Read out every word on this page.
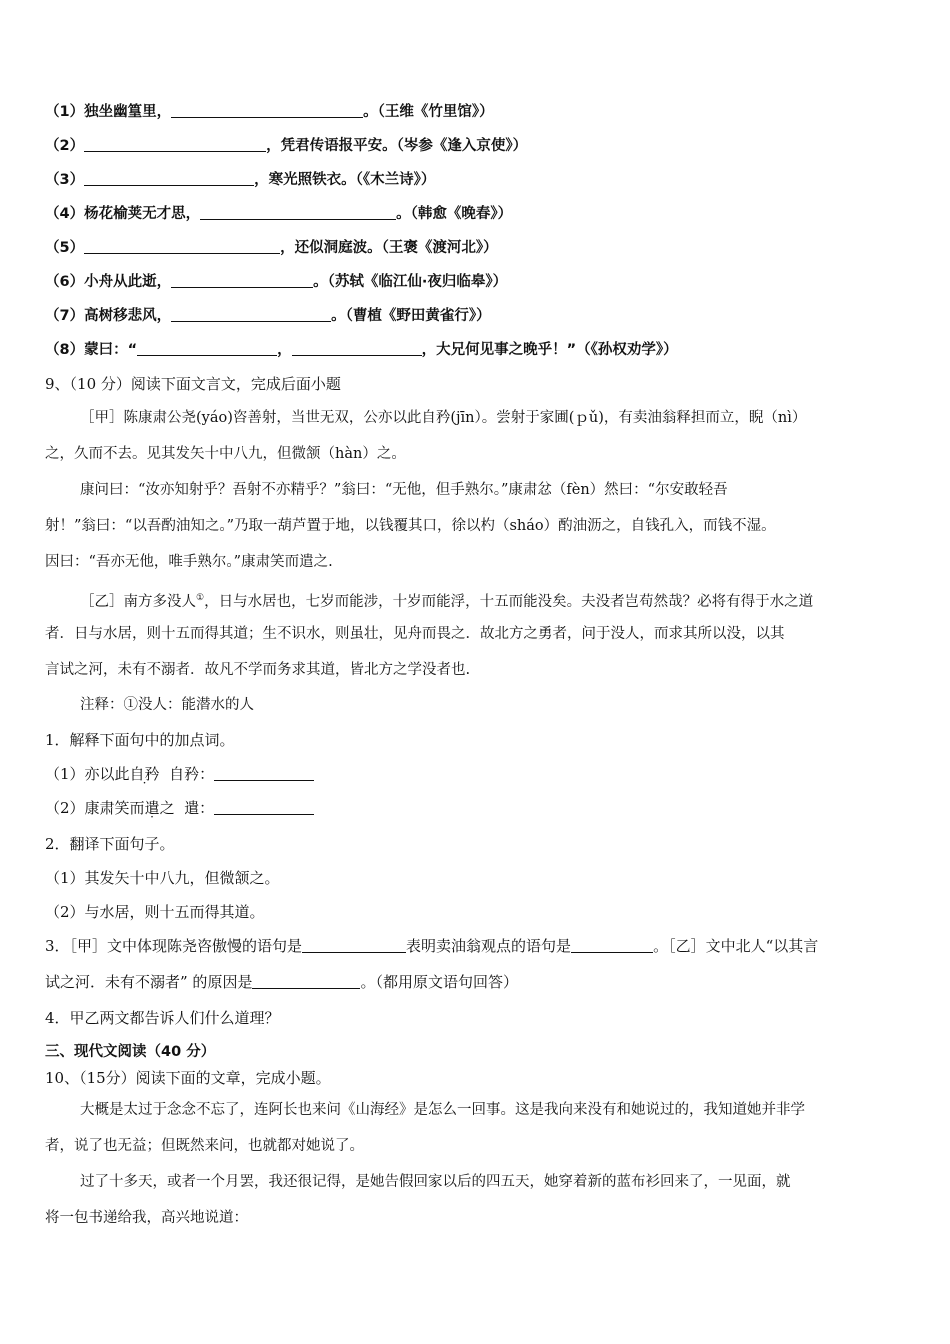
（1）独坐幽篁里，	。（王维《竹里馆》）
（2）	，凭君传语报平安。（岑参《逢入京使》）
（3）	，寒光照铁衣。（《木兰诗》）
（4）杨花榆荚无才思，	。（韩愈《晚春》）
（5）	，还似洞庭波。（王褒《渡河北》）
（6）小舟从此逝，	。（苏轼《临江仙·夜归临皋》）
（7）高树移悲风，	。（曹植《野田黄雀行》）
（8）蒙曰：“	，	，大兄何见事之晚乎！”（《孙权劝学》）
9、（10 分）阅读下面文言文，完成后面小题
［甲］陈康肃公尧(yáo)咨善射，当世无双，公亦以此自矜(jīn）。尝射于家圃(ｐǔ)，有卖油翁释担而立，睨（nì）
之，久而不去。见其发矢十中八九，但微颔（hàn）之。
康问曰：“汝亦知射乎？吾射不亦精乎？”翁曰：“无他，但手熟尔。”康肃忿（fèn）然曰：“尔安敢轻吾
射！”翁曰：“以吾酌油知之。”乃取一葫芦置于地，以钱覆其口，徐以杓（sháo）酌油沥之，自钱孔入，而钱不湿。
因曰：“吾亦无他，唯手熟尔。”康肃笑而遣之.
［乙］南方多没人①，日与水居也，七岁而能涉，十岁而能浮，十五而能没矣。夫没者岂苟然哉？必将有得于水之道
者．日与水居，则十五而得其道；生不识水，则虽壮，见舟而畏之．故北方之勇者，问于没人，而求其所以没，以其
言试之河，未有不溺者．故凡不学而务求其道，皆北方之学没者也.
注释：①没人：能潜水的人
1．解释下面句中的加点词。
（1）亦以此自矜 自矜：
（2）康肃笑而遣之 遣：
2．翻译下面句子。
（1）其发矢十中八九，但微颔之。
（2）与水居，则十五而得其道。
3．［甲］文中体现陈尧咨傲慢的语句是	表明卖油翁观点的语句是	。［乙］文中北人“以其言
试之河．未有不溺者” 的原因是	。（都用原文语句回答）
4．甲乙两文都告诉人们什么道理？
三、现代文阅读（40 分）
10、（15分）阅读下面的文章，完成小题。
大概是太过于念念不忘了，连阿长也来问《山海经》是怎么一回事。这是我向来没有和她说过的，我知道她并非学
者，说了也无益；但既然来问，也就都对她说了。
过了十多天，或者一个月罢，我还很记得，是她告假回家以后的四五天，她穿着新的蓝布衫回来了，一见面，就
将一包书递给我，高兴地说道：
